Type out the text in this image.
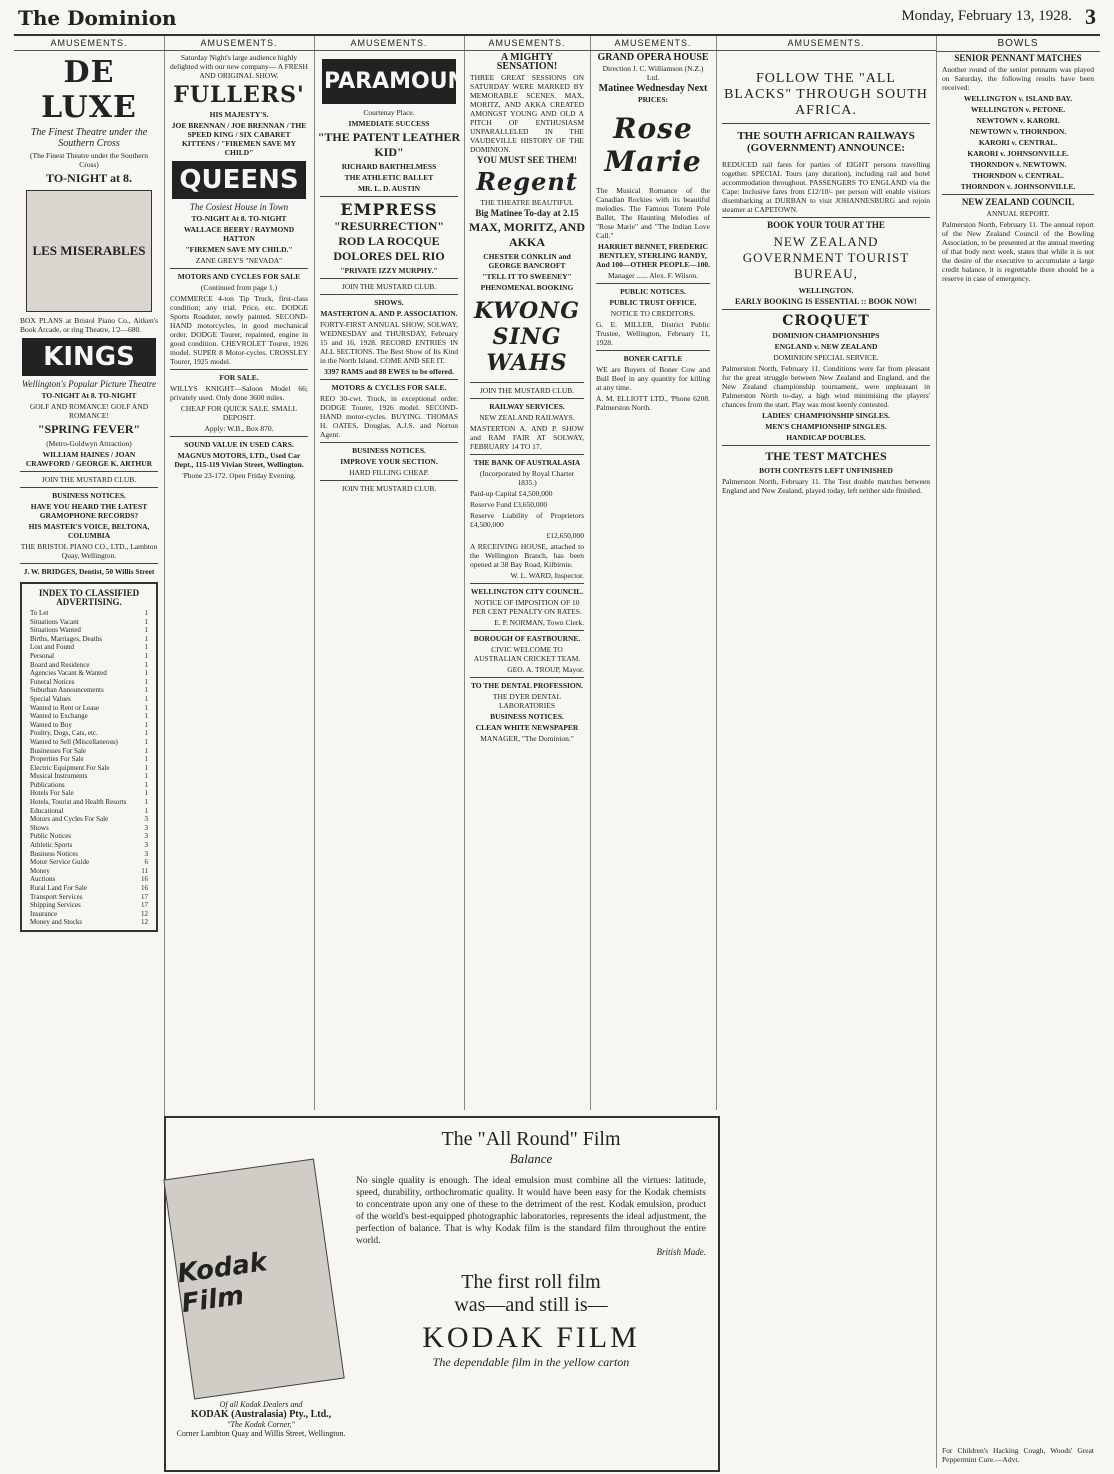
The Dominion	Monday, February 13, 1928. 3
AMUSEMENTS.
DE LUXE
The Finest Theatre under the Southern Cross
(The Finest Theatre under the Southern Cross)
TO-NIGHT at 8.
LES MISERABLES
BOX PLANS at Bristol Piano Co., Aitken's Book Arcade, or ring Theatre, 1'2—680.
KINGS
Wellington's Popular Picture Theatre
TO-NIGHT At 8. TO-NIGHT
GOLF AND ROMANCE! GOLF AND ROMANCE!
"SPRING FEVER"
(Metro-Goldwyn Attraction)
WILLIAM HAINES / JOAN CRAWFORD / GEORGE K. ARTHUR
JOIN THE MUSTARD CLUB.
BUSINESS NOTICES.
HAVE YOU HEARD THE LATEST GRAMOPHONE RECORDS?
HIS MASTER'S VOICE, BELTONA, COLUMBIA
THE BRISTOL PIANO CO., LTD., Lambton Quay, Wellington.
J. W. BRIDGES, Dentist, 50 Willis Street
INDEX TO CLASSIFIED ADVERTISING.
To Let	1
Situations Vacant	1
Situations Wanted	1
Births, Marriages, Deaths	1
Lost and Found	1
Personal	1
Board and Residence	1
Agencies Vacant & Wanted	1
Funeral Notices	1
Suburban Announcements	1
Special Values	1
Wanted to Rent or Lease	1
Wanted to Exchange	1
Wanted to Buy	1
Poultry, Dogs, Cats, etc.	1
Wanted to Sell (Miscellaneous)	1
Businesses For Sale	1
Properties For Sale	1
Electric Equipment For Sale	1
Musical Instruments	1
Publications	1
Hotels For Sale	1
Hotels, Tourist and Health Resorts	1
Educational	1
Motors and Cycles For Sale	3
Shows	3
Public Notices	3
Athletic Sports	3
Business Notices	3
Motor Service Guide	6
Money	11
Auctions	16
Rural Land For Sale	16
Transport Services	17
Shipping Services	17
Insurance	12
Money and Stocks	12
AMUSEMENTS.
Saturday Night's large audience highly delighted with our new company— A FRESH AND ORIGINAL SHOW.
FULLERS'
HIS MAJESTY'S.
JOE BRENNAN / JOE BRENNAN / THE SPEED KING / SIX CABARET KITTENS / "FIREMEN SAVE MY CHILD"
QUEENS
The Cosiest House in Town
TO-NIGHT At 8. TO-NIGHT
WALLACE BEERY / RAYMOND HATTON
"FIREMEN SAVE MY CHILD."
ZANE GREY'S "NEVADA"
MOTORS AND CYCLES FOR SALE
(Continued from page 1.)
COMMERCE 4-ton Tip Truck, first-class condition; any trial. Price, etc. DODGE Sports Roadster, newly painted. SECOND-HAND motorcycles, in good mechanical order. DODGE Tourer, repainted, engine in good condition. CHEVROLET Tourer, 1926 model. SUPER 8 Motor-cycles. CROSSLEY Tourer, 1925 model.
FOR SALE.
WILLYS KNIGHT—Saloon Model 66; privately used. Only done 3600 miles.
CHEAP FOR QUICK SALE. SMALL DEPOSIT.
Apply: W.B., Box 870.
SOUND VALUE IN USED CARS.
MAGNUS MOTORS, LTD., Used Car Dept., 115-119 Vivian Street, Wellington.
'Phone 23-172. Open Friday Evening.
AMUSEMENTS.
PARAMOUNT
Courtenay Place.
IMMEDIATE SUCCESS
"THE PATENT LEATHER KID"
RICHARD BARTHELMESS
THE ATHLETIC BALLET
MR. L. D. AUSTIN
EMPRESS
"RESURRECTION"
ROD LA ROCQUE
DOLORES DEL RIO
"PRIVATE IZZY MURPHY."
JOIN THE MUSTARD CLUB.
SHOWS.
MASTERTON A. AND P. ASSOCIATION.
FORTY-FIRST ANNUAL SHOW, SOLWAY, WEDNESDAY and THURSDAY, February 15 and 16, 1928. RECORD ENTRIES IN ALL SECTIONS. The Best Show of Its Kind in the North Island. COME AND SEE IT.
3397 RAMS and 88 EWES to be offered.
MOTORS & CYCLES FOR SALE.
REO 30-cwt. Truck, in exceptional order. DODGE Tourer, 1926 model. SECOND-HAND motor-cycles. BUYING. THOMAS H. OATES, Douglas, A.J.S. and Norton Agent.
BUSINESS NOTICES.
IMPROVE YOUR SECTION.
HARD FILLING CHEAP.
JOIN THE MUSTARD CLUB.
AMUSEMENTS.
A MIGHTY SENSATION!
THREE GREAT SESSIONS ON SATURDAY WERE MARKED BY MEMORABLE SCENES. MAX, MORITZ, AND AKKA CREATED AMONGST YOUNG AND OLD A PITCH OF ENTHUSIASM UNPARALLELED IN THE VAUDEVILLE HISTORY OF THE DOMINION.
YOU MUST SEE THEM!
Regent
THE THEATRE BEAUTIFUL
Big Matinee To-day at 2.15
MAX, MORITZ, AND AKKA
CHESTER CONKLIN and GEORGE BANCROFT
"TELL IT TO SWEENEY"
PHENOMENAL BOOKING
KWONG SING WAHS
JOIN THE MUSTARD CLUB.
RAILWAY SERVICES.
NEW ZEALAND RAILWAYS.
MASTERTON A. AND P. SHOW and RAM FAIR AT SOLWAY, FEBRUARY 14 TO 17.
THE BANK OF AUSTRALASIA
(Incorporated by Royal Charter 1835.)
Paid-up Capital £4,500,000
Reserve Fund £3,650,000
Reserve Liability of Proprietors £4,500,000
£12,650,000
A RECEIVING HOUSE, attached to the Wellington Branch, has been opened at 38 Bay Road, Kilbirnie.
W. L. WARD, Inspector.
WELLINGTON CITY COUNCIL.
NOTICE OF IMPOSITION OF 10 PER CENT PENALTY ON RATES.
E. P. NORMAN, Town Clerk.
BOROUGH OF EASTBOURNE.
CIVIC WELCOME TO AUSTRALIAN CRICKET TEAM.
GEO. A. TROUP, Mayor.
TO THE DENTAL PROFESSION.
THE DYER DENTAL LABORATORIES
BUSINESS NOTICES.
CLEAN WHITE NEWSPAPER
MANAGER, "The Dominion."
AMUSEMENTS.
GRAND OPERA HOUSE
Direction J. C. Williamson (N.Z.) Ltd.
Matinee Wednesday Next
PRICES:
Rose Marie
The Musical Romance of the Canadian Rockies with its beautiful melodies. The Famous Totem Pole Ballet, The Haunting Melodies of "Rose Marie" and "The Indian Love Call."
HARRIET BENNET, FREDERIC BENTLEY, STERLING RANDY, And 100—OTHER PEOPLE—100.
Manager ...... Alex. F. Wilson.
PUBLIC NOTICES.
PUBLIC TRUST OFFICE.
NOTICE TO CREDITORS.
G. E. MILLER, District Public Trustee, Wellington, February 11, 1928.
BONER CATTLE
WE are Buyers of Boner Cow and Bull Beef in any quantity for killing at any time.
A. M. ELLIOTT LTD., 'Phone 6208. Palmerston North.
AMUSEMENTS.
FOLLOW THE "ALL BLACKS" THROUGH SOUTH AFRICA.
THE SOUTH AFRICAN RAILWAYS (GOVERNMENT) ANNOUNCE:
REDUCED rail fares for parties of EIGHT persons travelling together. SPECIAL Tours (any duration), including rail and hotel accommodation throughout. PASSENGERS TO ENGLAND via the Cape: Inclusive fares from £12/10/- per person will enable visitors disembarking at DURBAN to visit JOHANNESBURG and rejoin steamer at CAPETOWN.
BOOK YOUR TOUR AT THE
NEW ZEALAND GOVERNMENT TOURIST BUREAU,
WELLINGTON.
EARLY BOOKING IS ESSENTIAL :: BOOK NOW!
CROQUET
DOMINION CHAMPIONSHIPS
ENGLAND v. NEW ZEALAND
DOMINION SPECIAL SERVICE.
Palmerston North, February 11. Conditions were far from pleasant for the great struggle between New Zealand and England, and the New Zealand championship tournament, were unpleasant in Palmerston North to-day, a high wind minimising the players' chances from the start. Play was most keenly contested.
LADIES' CHAMPIONSHIP SINGLES.
MEN'S CHAMPIONSHIP SINGLES.
HANDICAP DOUBLES.
THE TEST MATCHES
BOTH CONTESTS LEFT UNFINISHED
Palmerston North, February 11. The Test double matches between England and New Zealand, played today, left neither side finished.
BOWLS
SENIOR PENNANT MATCHES
Another round of the senior pennants was played on Saturday, the following results have been received:
WELLINGTON v. ISLAND BAY.
WELLINGTON v. PETONE.
NEWTOWN v. KARORI.
NEWTOWN v. THORNDON.
KARORI v. CENTRAL.
KARORI v. JOHNSONVILLE.
THORNDON v. NEWTOWN.
THORNDON v. CENTRAL.
THORNDON v. JOHNSONVILLE.
NEW ZEALAND COUNCIL
ANNUAL REPORT.
Palmerston North, February 11. The annual report of the New Zealand Council of the Bowling Association, to be presented at the annual meeting of that body next week, states that while it is not the desire of the executive to accumulate a large credit balance, it is regrettable there should be a reserve in case of emergency.
For Children's Hacking Cough, Woods' Great Peppermint Cure.—Advt.
Kodak Film
The "All Round" Film
Balance
No single quality is enough. The ideal emulsion must combine all the virtues: latitude, speed, durability, orthochromatic quality. It would have been easy for the Kodak chemists to concentrate upon any one of these to the detriment of the rest. Kodak emulsion, product of the world's best-equipped photographic laboratories, represents the ideal adjustment, the perfection of balance. That is why Kodak film is the standard film throughout the entire world.
British Made.
The first roll film
was—and still is—
KODAK FILM
The dependable film in the yellow carton
Of all Kodak Dealers and
KODAK (Australasia) Pty., Ltd.,
"The Kodak Corner,"
Corner Lambton Quay and Willis Street, Wellington.
